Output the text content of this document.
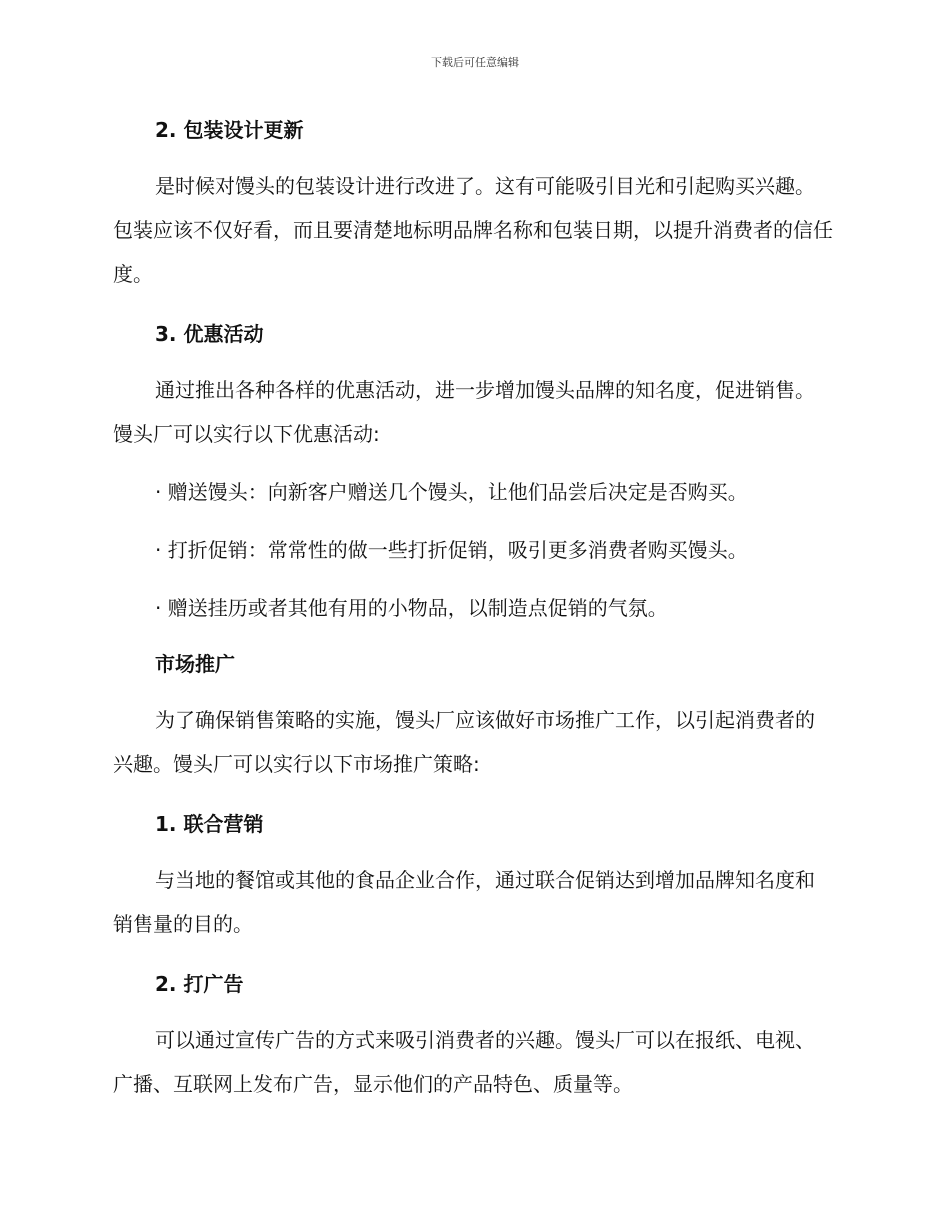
下载后可任意编辑
2. 包装设计更新

是时候对馒头的包装设计进行改进了。这有可能吸引目光和引起购买兴趣。包装应该不仅好看，而且要清楚地标明品牌名称和包装日期，以提升消费者的信任度。

3. 优惠活动

通过推出各种各样的优惠活动，进一步增加馒头品牌的知名度，促进销售。馒头厂可以实行以下优惠活动:

· 赠送馒头：向新客户赠送几个馒头，让他们品尝后决定是否购买。

· 打折促销：常常性的做一些打折促销，吸引更多消费者购买馒头。

· 赠送挂历或者其他有用的小物品，以制造点促销的气氛。

市场推广

为了确保销售策略的实施，馒头厂应该做好市场推广工作，以引起消费者的兴趣。馒头厂可以实行以下市场推广策略:

1. 联合营销

与当地的餐馆或其他的食品企业合作，通过联合促销达到增加品牌知名度和销售量的目的。

2. 打广告

可以通过宣传广告的方式来吸引消费者的兴趣。馒头厂可以在报纸、电视、广播、互联网上发布广告，显示他们的产品特色、质量等。
